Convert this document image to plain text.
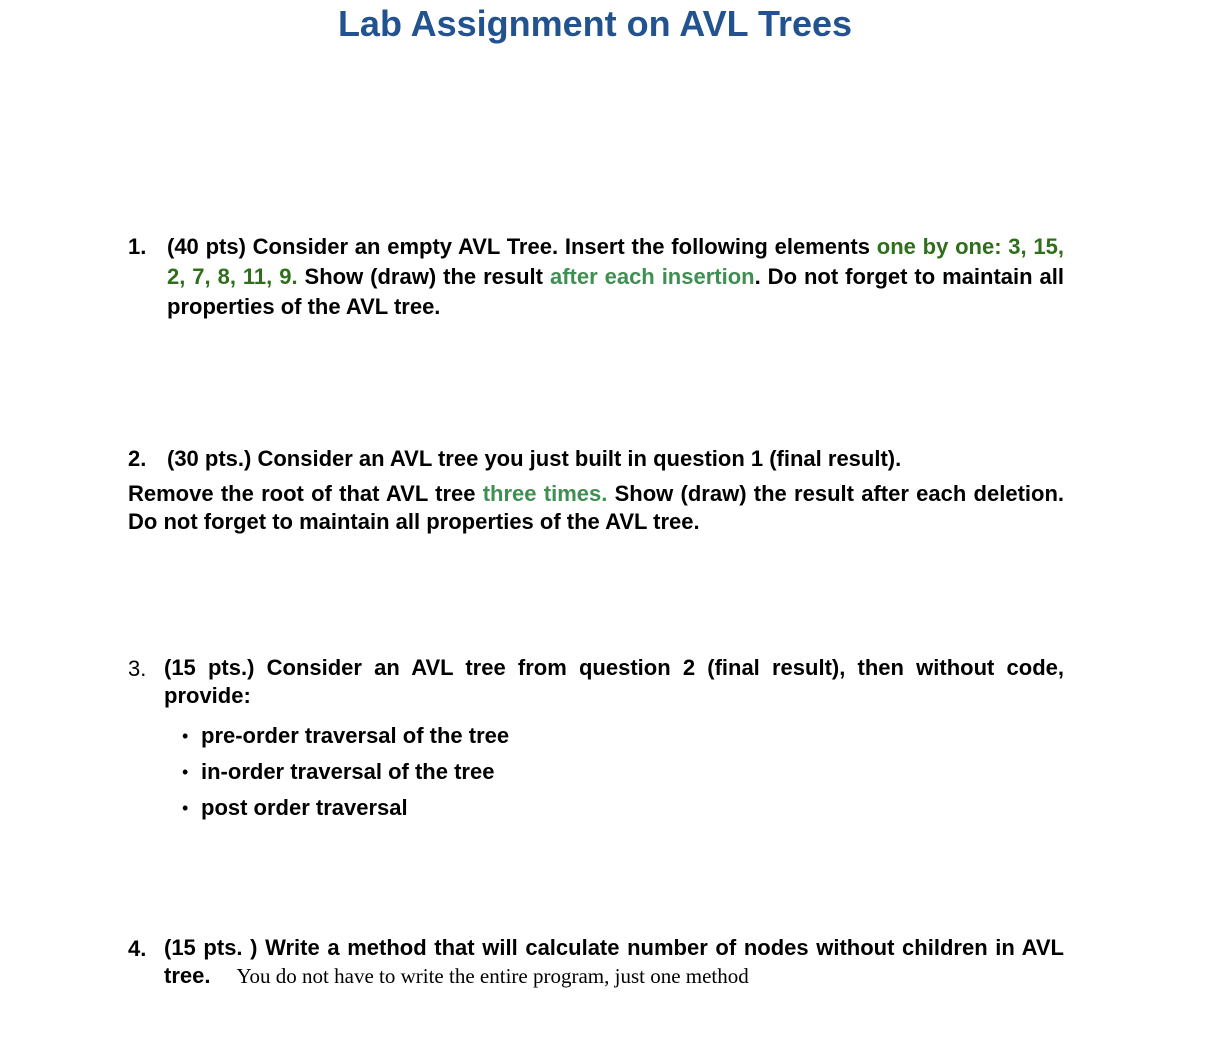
Lab Assignment on AVL Trees
1. (40 pts) Consider an empty AVL Tree. Insert the following elements one by one: 3, 15, 2, 7, 8, 11, 9. Show (draw) the result after each insertion. Do not forget to maintain all properties of the AVL tree.
2. (30 pts.) Consider an AVL tree you just built in question 1 (final result).
Remove the root of that AVL tree three times. Show (draw) the result after each deletion. Do not forget to maintain all properties of the AVL tree.
3. (15 pts.) Consider an AVL tree from question 2 (final result), then without code, provide:
• pre-order traversal of the tree
• in-order traversal of the tree
• post order traversal
4. (15 pts. ) Write a method that will calculate number of nodes without children in AVL tree. You do not have to write the entire program, just one method
